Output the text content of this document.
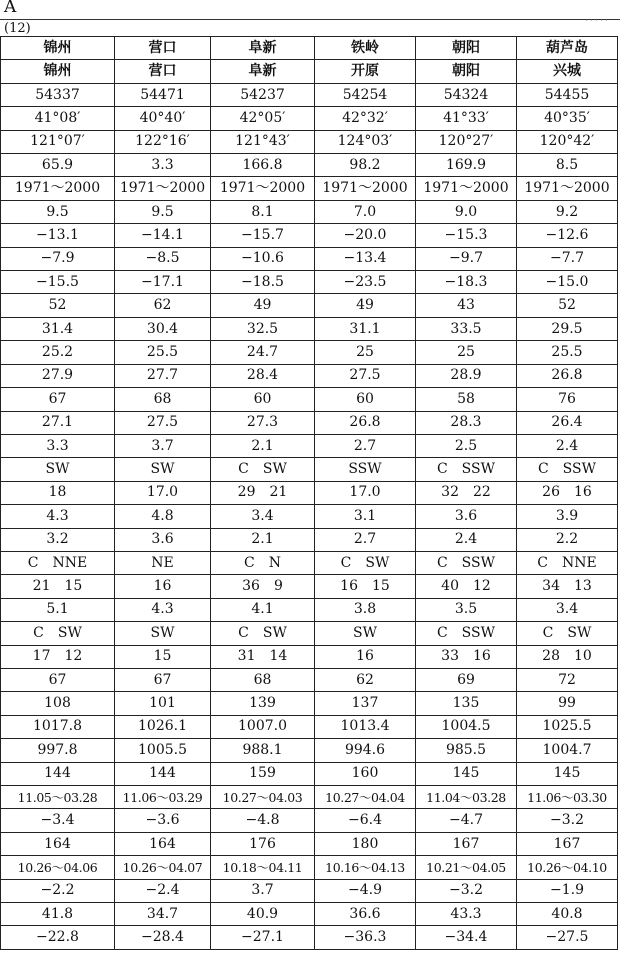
A
· · · · ·
(12)
锦州	营口	阜新	铁岭	朝阳	葫芦岛
锦州	营口	阜新	开原	朝阳	兴城
54337	54471	54237	54254	54324	54455
41°08′	40°40′	42°05′	42°32′	41°33′	40°35′
121°07′	122°16′	121°43′	124°03′	120°27′	120°42′
65.9	3.3	166.8	98.2	169.9	8.5
1971～2000	1971～2000	1971～2000	1971～2000	1971～2000	1971～2000
9.5	9.5	8.1	7.0	9.0	9.2
−13.1	−14.1	−15.7	−20.0	−15.3	−12.6
−7.9	−8.5	−10.6	−13.4	−9.7	−7.7
−15.5	−17.1	−18.5	−23.5	−18.3	−15.0
52	62	49	49	43	52
31.4	30.4	32.5	31.1	33.5	29.5
25.2	25.5	24.7	25	25	25.5
27.9	27.7	28.4	27.5	28.9	26.8
67	68	60	60	58	76
27.1	27.5	27.3	26.8	28.3	26.4
3.3	3.7	2.1	2.7	2.5	2.4
SW	SW	C　SW	SSW	C　SSW	C　SSW
18	17.0	29　21	17.0	32　22	26　16
4.3	4.8	3.4	3.1	3.6	3.9
3.2	3.6	2.1	2.7	2.4	2.2
C　NNE	NE	C　N	C　SW	C　SSW	C　NNE
21　15	16	36　9	16　15	40　12	34　13
5.1	4.3	4.1	3.8	3.5	3.4
C　SW	SW	C　SW	SW	C　SSW	C　SW
17　12	15	31　14	16	33　16	28　10
67	67	68	62	69	72
108	101	139	137	135	99
1017.8	1026.1	1007.0	1013.4	1004.5	1025.5
997.8	1005.5	988.1	994.6	985.5	1004.7
144	144	159	160	145	145
11.05～03.28	11.06～03.29	10.27～04.03	10.27～04.04	11.04～03.28	11.06～03.30
−3.4	−3.6	−4.8	−6.4	−4.7	−3.2
164	164	176	180	167	167
10.26～04.06	10.26～04.07	10.18～04.11	10.16～04.13	10.21～04.05	10.26～04.10
−2.2	−2.4	3.7	−4.9	−3.2	−1.9
41.8	34.7	40.9	36.6	43.3	40.8
−22.8	−28.4	−27.1	−36.3	−34.4	−27.5
